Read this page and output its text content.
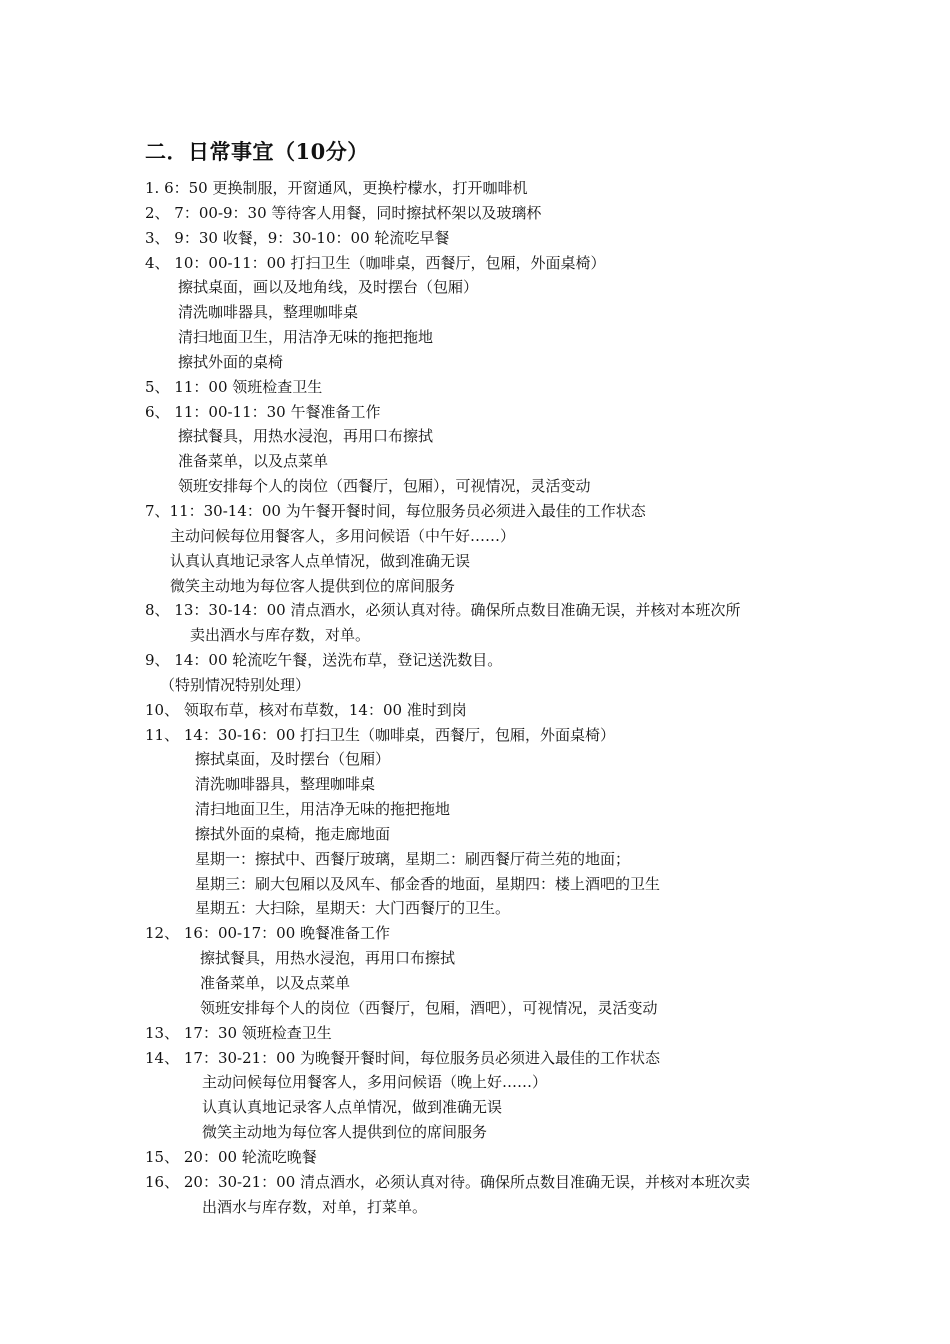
二．日常事宜（10分）
1. 6：50 更换制服，开窗通风，更换柠檬水，打开咖啡机
2、 7：00-9：30 等待客人用餐，同时擦拭杯架以及玻璃杯
3、 9：30 收餐，9：30-10：00 轮流吃早餐
4、 10：00-11：00 打扫卫生（咖啡桌，西餐厅，包厢，外面桌椅）
擦拭桌面，画以及地角线，及时摆台（包厢）
清洗咖啡器具，整理咖啡桌
清扫地面卫生，用洁净无味的拖把拖地
擦拭外面的桌椅
5、 11：00 领班检查卫生
6、 11：00-11：30 午餐准备工作
擦拭餐具，用热水浸泡，再用口布擦拭
准备菜单，以及点菜单
领班安排每个人的岗位（西餐厅，包厢），可视情况，灵活变动
7、11：30-14：00 为午餐开餐时间，每位服务员必须进入最佳的工作状态
主动问候每位用餐客人，多用问候语（中午好……）
认真认真地记录客人点单情况，做到准确无误
微笑主动地为每位客人提供到位的席间服务
8、 13：30-14：00 清点酒水，必须认真对待。确保所点数目准确无误，并核对本班次所
卖出酒水与库存数，对单。
9、 14：00 轮流吃午餐，送洗布草，登记送洗数目。
（特别情况特别处理）
10、 领取布草，核对布草数，14：00 准时到岗
11、 14：30-16：00 打扫卫生（咖啡桌，西餐厅，包厢，外面桌椅）
擦拭桌面，及时摆台（包厢）
清洗咖啡器具，整理咖啡桌
清扫地面卫生，用洁净无味的拖把拖地
擦拭外面的桌椅，拖走廊地面
星期一：擦拭中、西餐厅玻璃，星期二：刷西餐厅荷兰苑的地面；
星期三：刷大包厢以及风车、郁金香的地面，星期四：楼上酒吧的卫生
星期五：大扫除，星期天：大门西餐厅的卫生。
12、 16：00-17：00 晚餐准备工作
擦拭餐具，用热水浸泡，再用口布擦拭
准备菜单，以及点菜单
领班安排每个人的岗位（西餐厅，包厢，酒吧），可视情况，灵活变动
13、 17：30 领班检查卫生
14、 17：30-21：00 为晚餐开餐时间，每位服务员必须进入最佳的工作状态
主动问候每位用餐客人，多用问候语（晚上好……）
认真认真地记录客人点单情况，做到准确无误
微笑主动地为每位客人提供到位的席间服务
15、 20：00 轮流吃晚餐
16、 20：30-21：00 清点酒水，必须认真对待。确保所点数目准确无误，并核对本班次卖
出酒水与库存数，对单，打菜单。
